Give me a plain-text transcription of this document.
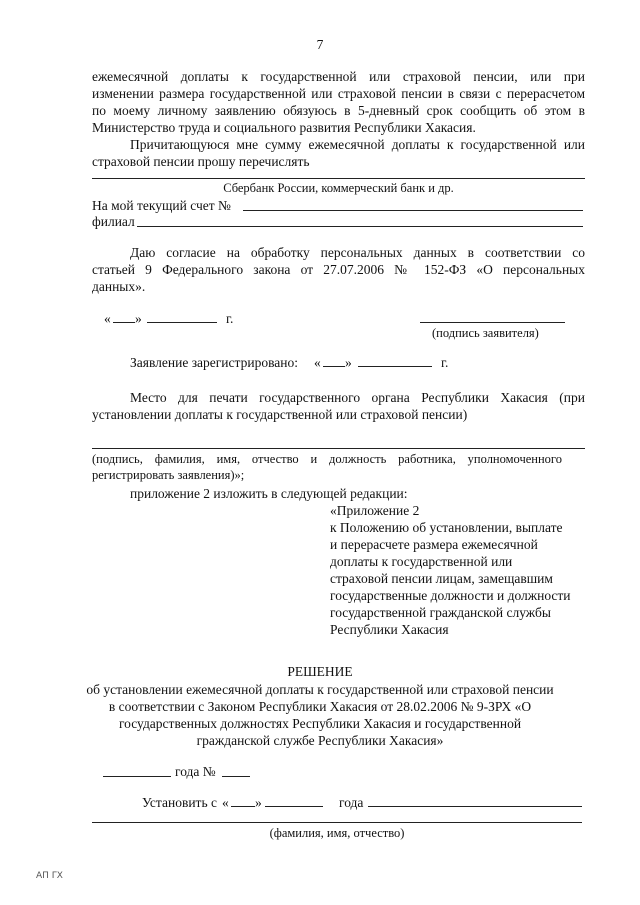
7
ежемесячной доплаты к государственной или страховой пенсии, или при
изменении размера государственной или страховой пенсии в связи с перерасчетом
по моему личному заявлению обязуюсь в 5-дневный срок сообщить об этом в
Министерство труда и социального развития Республики Хакасия.
Причитающуюся мне сумму ежемесячной доплаты к государственной или
страховой пенсии прошу перечислять
Сбербанк России, коммерческий банк и др.
На мой текущий счет №
филиал
Даю согласие на обработку персональных данных в соответствии со
статьей 9 Федерального закона от 27.07.2006 № 152-ФЗ «О персональных
данных».
« »	г.
(подпись заявителя)
Заявление зарегистрировано: « »	г.
Место для печати государственного органа Республики Хакасия (при
установлении доплаты к государственной или страховой пенсии)
(подпись, фамилия, имя, отчество и должность работника, уполномоченного
регистрировать заявления)»;
приложение 2 изложить в следующей редакции:
«Приложение 2
к Положению об установлении, выплате
и перерасчете размера ежемесячной
доплаты к государственной или
страховой пенсии лицам, замещавшим
государственные должности и должности
государственной гражданской службы
Республики Хакасия
РЕШЕНИЕ
об установлении ежемесячной доплаты к государственной или страховой пенсии
в соответствии с Законом Республики Хакасия от 28.02.2006 № 9-ЗРХ «О
государственных должностях Республики Хакасия и государственной
гражданской службе Республики Хакасия»
года №
Установить с « »	года
(фамилия, имя, отчество)
ΑΠ ΓΧ
